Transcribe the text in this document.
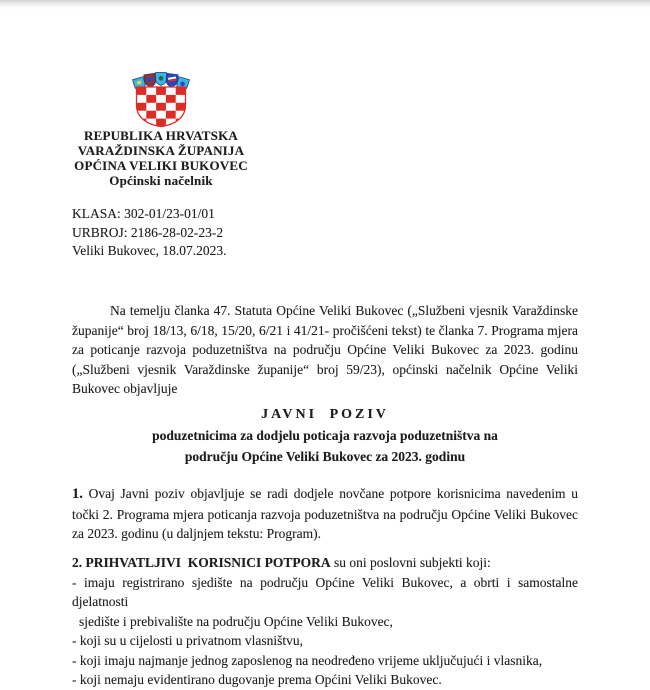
REPUBLIKA HRVATSKA
VARAŽDINSKA ŽUPANIJA
OPĆINA VELIKI BUKOVEC
Općinski načelnik
KLASA: 302-01/23-01/01
URBROJ: 2186-28-02-23-2
Veliki Bukovec, 18.07.2023.
Na temelju članka 47. Statuta Općine Veliki Bukovec („Službeni vjesnik Varaždinske
županije“ broj 18/13, 6/18, 15/20, 6/21 i 41/21- pročišćeni tekst) te članka 7. Programa mjera
za poticanje razvoja poduzetništva na području Općine Veliki Bukovec za 2023. godinu
(„Službeni vjesnik Varaždinske županije“ broj 59/23), općinski načelnik Općine Veliki
Bukovec objavljuje
JAVNI POZIV
poduzetnicima za dodjelu poticaja razvoja poduzetništva na
području Općine Veliki Bukovec za 2023. godinu
1. Ovaj Javni poziv objavljuje se radi dodjele novčane potpore korisnicima navedenim u
točki 2. Programa mjera poticanja razvoja poduzetništva na području Općine Veliki Bukovec
za 2023. godinu (u daljnjem tekstu: Program).
2. PRIHVATLJIVI  KORISNICI POTPORA su oni poslovni subjekti koji:
- imaju registrirano sjedište na području Općine Veliki Bukovec, a obrti i samostalne djelatnosti
sjedište i prebivalište na području Općine Veliki Bukovec,
- koji su u cijelosti u privatnom vlasništvu,
- koji imaju najmanje jednog zaposlenog na neodređeno vrijeme uključujući i vlasnika,
- koji nemaju evidentirano dugovanje prema Općini Veliki Bukovec.
